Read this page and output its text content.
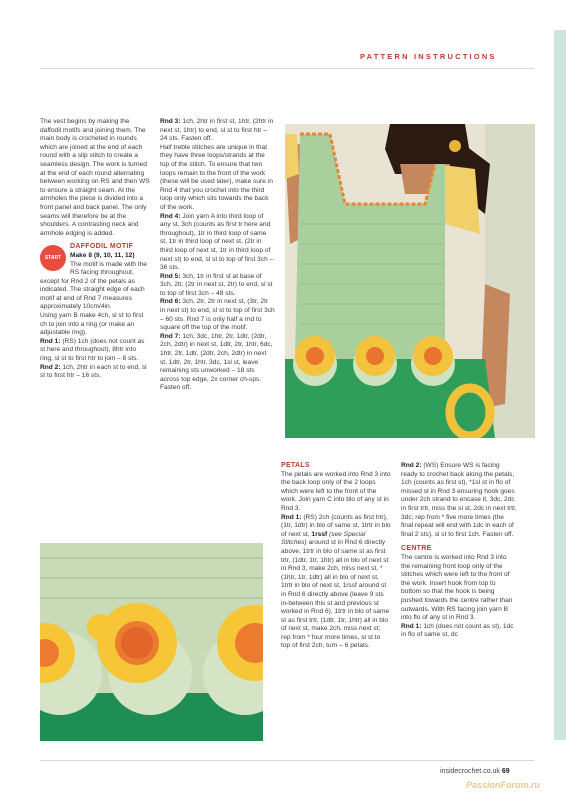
PATTERN INSTRUCTIONS

The vest begins by making the daffodil motifs and joining them. The main body is crocheted in rounds which are joined at the end of each round with a slip stitch to create a seamless design. The work is turned at the end of each round alternating between working on RS and then WS to ensure a straight seam. At the armholes the piece is divided into a front panel and back panel. The only seams will therefore be at the shoulders. A contrasting neck and armhole edging is added.

START
DAFFODIL MOTIF
Make 8 (9, 10, 11, 12)

The motif is made with the RS facing throughout, except for Rnd 2 of the petals as indicated. The straight edge of each motif at end of Rnd 7 measures approximately 10cm/4in.

Using yarn B make 4ch, sl st to first ch to join into a ring (or make an adjustable ring).

Rnd 1: (RS) 1ch (does not count as st here and throughout), 8htr into ring, sl st to first htr to join – 8 sts.

Rnd 2: 1ch, 2htr in each st to end, sl st to first htr – 16 sts.

Rnd 3: 1ch, 2htr in first st, 1htr, (2htr in next st, 1htr) to end, sl st to first htr – 24 sts. Fasten off.

Half treble stitches are unique in that they have three loops/strands at the top of the stitch. To ensure that two loops remain to the front of the work (these will be used later), make sure in Rnd 4 that you crochet into the third loop only which sits towards the back of the work.

Rnd 4: Join yarn A into third loop of any st, 3ch (counts as first tr here and throughout), 1tr in third loop of same st, 1tr in third loop of next st, (2tr in third loop of next st, 1tr in third loop of next st) to end, sl st to top of first 3ch – 36 sts.

Rnd 5: 3ch, 1tr in first st at base of 3ch, 2tr, (2tr in next st, 2tr) to end, sl st to top of first 3ch – 48 sts.

Rnd 6: 3ch, 2tr, 2tr in next st, (3tr, 2tr in next st) to end, sl st to top of first 3ch – 60 sts. Rnd 7 is only half a rnd to square off the top of the motif.

Rnd 7: 1ch, 3dc, 1htr, 2tr, 1dtr, (2dtr, 2ch, 2dtr) in next st, 1dtr, 2tr, 1htr, 6dc, 1htr, 2tr, 1dtr, (2dtr, 2ch, 2dtr) in next st, 1dtr, 2tr, 1htr, 3dc, 1sl st, leave remaining sts unworked – 18 sts across top edge, 2x corner ch-sps. Fasten off.

PETALS

The petals are worked into Rnd 3 into the back loop only of the 2 loops which were left to the front of the work. Join yarn C into blo of any st in Rnd 3.

Rnd 1: (RS) 2ch (counts as first htr), (1tr, 1dtr) in blo of same st, 1trtr in blo of next st, 1rssf (see Special Stitches) around st in Rnd 6 directly above, 1trtr in blo of same st as first trtr, (1dtr, 1tr, 1htr) all in blo of next st in Rnd 3, make 2ch, miss next st, *(1htr, 1tr, 1dtr) all in blo of next st, 1trtr in blo of next st, 1rssf around st in Rnd 6 directly above (leave 9 sts in-between this st and previous st worked in Rnd 6), 1trtr in blo of same st as first trtr, (1dtr, 1tr, 1htr) all in blo of next st, make 2ch, miss next st; rep from * four more times, sl st to top of first 2ch, turn – 6 petals.

Rnd 2: (WS) Ensure WS is facing ready to crochet back along the petals, 1ch (counts as first st), *1sl st in flo of missed st in Rnd 3 ensuring hook goes under 2ch strand to encase it, 3dc, 2dc in first trtr, miss the sl st, 2dc in next trtr, 3dc; rep from * five more times (the final repeat will end with 1dc in each of final 2 sts), sl st to first 1ch. Fasten off.

CENTRE

The centre is worked into Rnd 3 into the remaining front loop only of the stitches which were left to the front of the work. Insert hook from top to bottom so that the hook is being pushed towards the centre rather than outwards. With RS facing join yarn B into flo of any st in Rnd 3.

Rnd 1: 1ch (does not count as st), 1dc in flo of same st, dc

insidecrochet.co.uk 69
PassionForum.ru
